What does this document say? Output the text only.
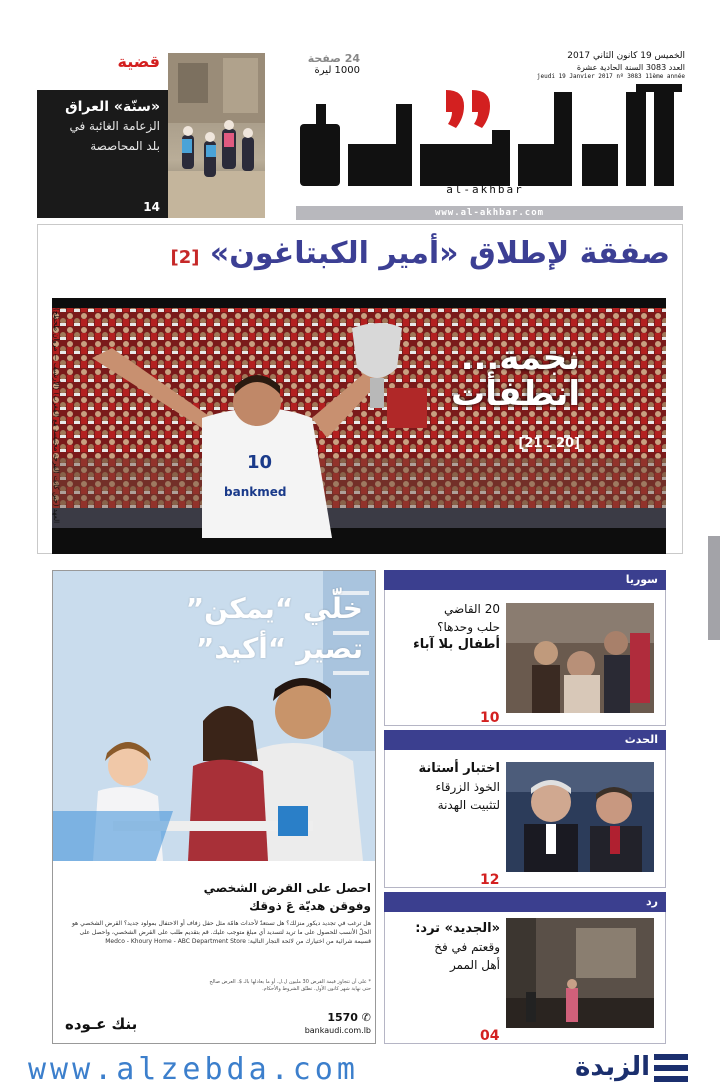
الخميس 19 كانون الثاني 2017
العدد 3083 السنة الحادية عشرة
jeudi 19 Janvier 2017 nº 3083 11ème année
24 صفحة
1000 ليرة
al-akhbar
www.al-akhbar.com
قضية
«سنّة» العراق
الزعامة الغائبة في
بلد المحاصصة
14
صفقة لإطلاق «أمير الكبتاغون» [2]
10
bankmed
العهد (حين كانت الفرحة محتبسة مع المغرب) (الأرشيف — مروان طحطح)	نجمة...
انطفأت
[20 ـ 21]
خلّي “يمكن”
تصير “أكيد”
احصل على القرض الشخصي
وفوقن هديّة عَ ذوقك
هل ترغب في تجديد ديكور منزلك؟ هل تستعدّ لأحداث هامّة مثل حفل زفاف أو الاحتفال بمولود جديد؟ القرض الشخصي هو الحلّ الأنسب للحصول على ما تريد لتسديد أي مبلغ متوجب عليك. قم بتقديم طلب على القرض الشخصي، واحصل على قسيمة شرائية من اختيارك من لائحة التجار التالية: Medco - Khoury Home - ABC Department Store
* على أن تتجاوز قيمة القرض 30 مليون ل.ل. أو ما يعادلها بالـ $. العرض صالح حتى نهاية شهر كانون الأول. تطبّق الشروط والأحكام.
✆ 1570
bankaudi.com.lb
بنك عـوده
سوريا
20 القاضي
حلب وحدها؟
أطفال بلا آباء
10
الحدث
اختبار أستانة
الخوذ الزرقاء
لتثبيت الهدنة
12
رد
«الجديد» ترد:
وقعتم في فخ
أهل الممر
04
www.alzebda.com	الزبدة
